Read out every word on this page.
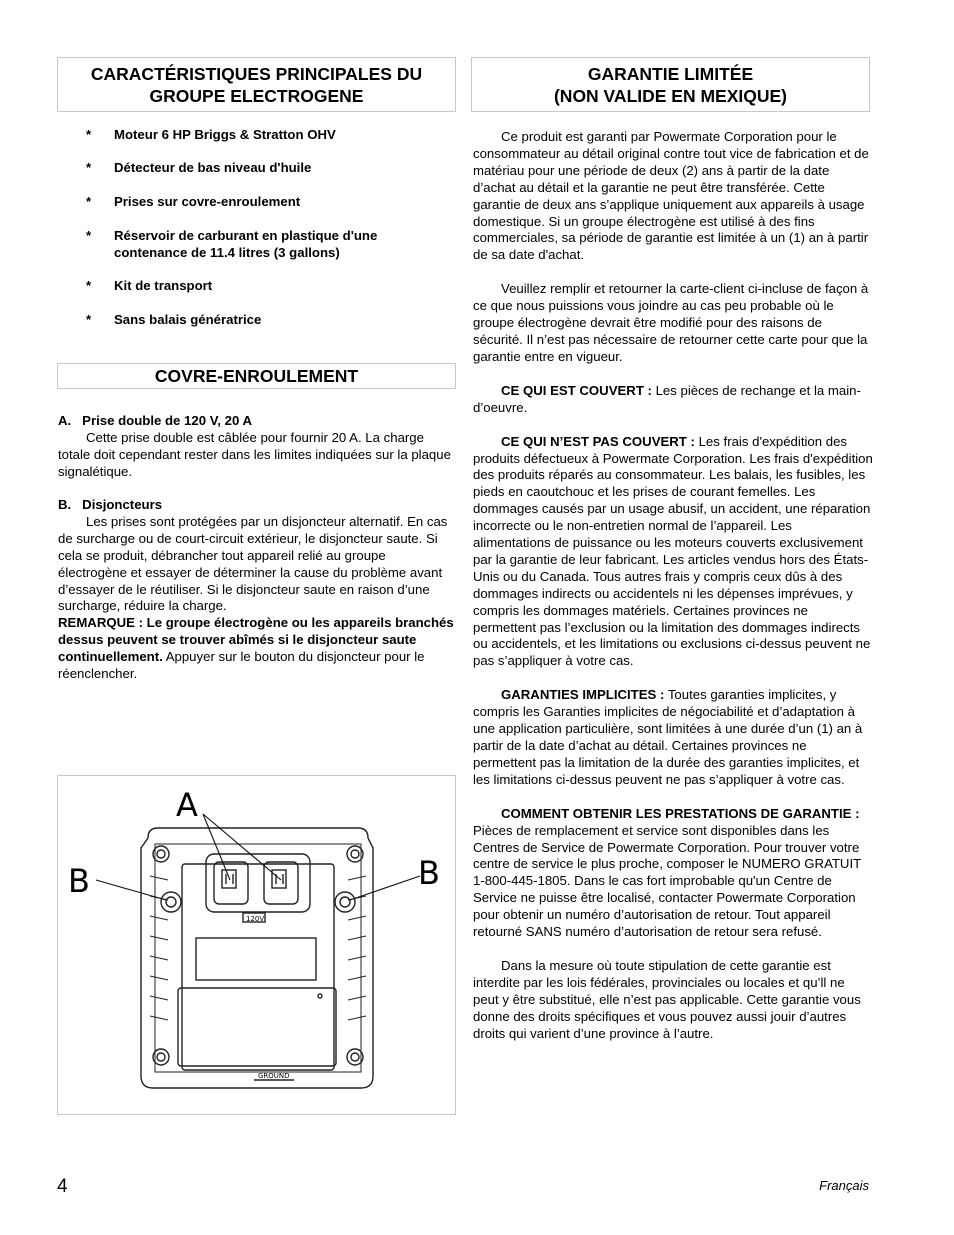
CARACTÉRISTIQUES PRINCIPALES DU
GROUPE ELECTROGENE
* Moteur 6 HP Briggs & Stratton OHV
* Détecteur de bas niveau d'huile
* Prises sur covre-enroulement
* Réservoir de carburant en plastique d'une contenance de 11.4 litres (3 gallons)
* Kit de transport
* Sans balais génératrice
COVRE-ENROULEMENT

A.   Prise double de 120 V, 20 A

Cette prise double est câblée pour fournir 20 A. La charge totale doit cependant rester dans les limites indiquées sur la plaque signalétique.

B.   Disjoncteurs

Les prises sont protégées par un disjoncteur alternatif. En cas de surcharge ou de court-circuit extérieur, le disjoncteur saute. Si cela se produit, débrancher tout appareil relié au groupe électrogène et essayer de déterminer la cause du problème avant d’essayer de le réutiliser. Si le disjoncteur saute en raison d’une surcharge, réduire la charge.

REMARQUE : Le groupe électrogène ou les appareils branchés dessus peuvent se trouver abîmés si le disjoncteur saute continuellement. Appuyer sur le bouton du disjoncteur pour le réenclencher.

A
B	B
120V
GROUND
GARANTIE LIMITÉE
(NON VALIDE EN MEXIQUE)

Ce produit est garanti par Powermate Corporation pour le consommateur au détail original contre tout vice de fabrication et de matériau pour une période de deux (2) ans à partir de la date d’achat au détail et la garantie ne peut être transférée. Cette garantie de deux ans s’applique uniquement aux appareils à usage domestique. Si un groupe électrogène est utilisé à des fins commerciales, sa période de garantie est limitée à un (1) an à partir de sa date d'achat.

Veuillez remplir et retourner la carte-client ci-incluse de façon à ce que nous puissions vous joindre au cas peu probable où le groupe électrogène devrait être modifié pour des raisons de sécurité. Il n’est pas nécessaire de retourner cette carte pour que la garantie entre en vigueur.

CE QUI EST COUVERT : Les pièces de rechange et la main-d’oeuvre.

CE QUI N’EST PAS COUVERT : Les frais d'expédition des produits défectueux à Powermate Corporation. Les frais d'expédition des produits réparés au consommateur. Les balais, les fusibles, les pieds en caoutchouc et les prises de courant femelles. Les dommages causés par un usage abusif, un accident, une réparation incorrecte ou le non-entretien normal de l’appareil. Les alimentations de puissance ou les moteurs couverts exclusivement par la garantie de leur fabricant. Les articles vendus hors des États-Unis ou du Canada. Tous autres frais y compris ceux dûs à des dommages indirects ou accidentels ni les dépenses imprévues, y compris les dommages matériels. Certaines provinces ne permettent pas l’exclusion ou la limitation des dommages indirects ou accidentels, et les limitations ou exclusions ci-dessus peuvent ne pas s’appliquer à votre cas.

GARANTIES IMPLICITES : Toutes garanties implicites, y compris les Garanties implicites de négociabilité et d’adaptation à une application particulière, sont limitées à une durée d’un (1) an à partir de la date d’achat au détail. Certaines provinces ne permettent pas la limitation de la durée des garanties implicites, et les limitations ci-dessus peuvent ne pas s’appliquer à votre cas.

COMMENT OBTENIR LES PRESTATIONS DE GARANTIE : Pièces de remplacement et service sont disponibles dans les Centres de Service de Powermate Corporation. Pour trouver votre centre de service le plus proche, composer le NUMERO GRATUIT 1-800-445-1805. Dans le cas fort improbable qu'un Centre de Service ne puisse être localisé, contacter Powermate Corporation pour obtenir un numéro d’autorisation de retour. Tout appareil retourné SANS numéro d’autorisation de retour sera refusé.

Dans la mesure où toute stipulation de cette garantie est interdite par les lois fédérales, provinciales ou locales et qu’ll ne peut y être substitué, elle n’est pas applicable. Cette garantie vous donne des droits spécifiques et vous pouvez aussi jouir d’autres droits qui varient d’une province à l’autre.

4	Français
